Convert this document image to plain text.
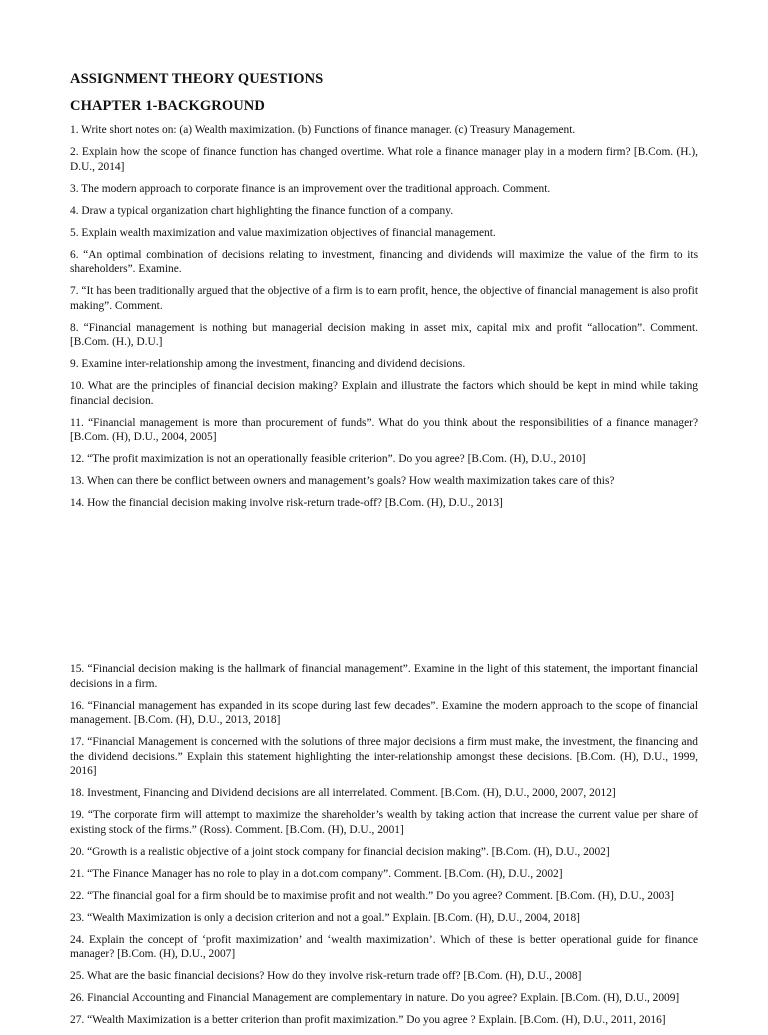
ASSIGNMENT THEORY QUESTIONS
CHAPTER 1-BACKGROUND

1. Write short notes on: (a) Wealth maximization. (b) Functions of finance manager. (c) Treasury Management.

2. Explain how the scope of finance function has changed overtime. What role a finance manager play in a modern firm? [B.Com. (H.), D.U., 2014]

3. The modern approach to corporate finance is an improvement over the traditional approach. Comment.

4. Draw a typical organization chart highlighting the finance function of a company.

5. Explain wealth maximization and value maximization objectives of financial management.

6. “An optimal combination of decisions relating to investment, financing and dividends will maximize the value of the firm to its shareholders”. Examine.

7. “It has been traditionally argued that the objective of a firm is to earn profit, hence, the objective of financial management is also profit making”. Comment.

8. “Financial management is nothing but managerial decision making in asset mix, capital mix and profit “allocation”. Comment. [B.Com. (H.), D.U.]

9. Examine inter-relationship among the investment, financing and dividend decisions.

10. What are the principles of financial decision making? Explain and illustrate the factors which should be kept in mind while taking financial decision.

11. “Financial management is more than procurement of funds”. What do you think about the responsibilities of a finance manager? [B.Com. (H), D.U., 2004, 2005]

12. “The profit maximization is not an operationally feasible criterion”. Do you agree? [B.Com. (H), D.U., 2010]

13. When can there be conflict between owners and management’s goals? How wealth maximization takes care of this?

14. How the financial decision making involve risk-return trade-off? [B.Com. (H), D.U., 2013]

15. “Financial decision making is the hallmark of financial management”. Examine in the light of this statement, the important financial decisions in a firm.

16. “Financial management has expanded in its scope during last few decades”. Examine the modern approach to the scope of financial management. [B.Com. (H), D.U., 2013, 2018]

17. “Financial Management is concerned with the solutions of three major decisions a firm must make, the investment, the financing and the dividend decisions.” Explain this statement highlighting the inter-relationship amongst these decisions. [B.Com. (H), D.U., 1999, 2016]

18. Investment, Financing and Dividend decisions are all interrelated. Comment. [B.Com. (H), D.U., 2000, 2007, 2012]

19. “The corporate firm will attempt to maximize the shareholder’s wealth by taking action that increase the current value per share of existing stock of the firms.” (Ross). Comment. [B.Com. (H), D.U., 2001]

20. “Growth is a realistic objective of a joint stock company for financial decision making”. [B.Com. (H), D.U., 2002]

21. “The Finance Manager has no role to play in a dot.com company”. Comment. [B.Com. (H), D.U., 2002]

22. “The financial goal for a firm should be to maximise profit and not wealth.” Do you agree? Comment. [B.Com. (H), D.U., 2003]

23. “Wealth Maximization is only a decision criterion and not a goal.” Explain. [B.Com. (H), D.U., 2004, 2018]

24. Explain the concept of ‘profit maximization’ and ‘wealth maximization’. Which of these is better operational guide for finance manager? [B.Com. (H), D.U., 2007]

25. What are the basic financial decisions? How do they involve risk-return trade off? [B.Com. (H), D.U., 2008]

26. Financial Accounting and Financial Management are complementary in nature. Do you agree? Explain. [B.Com. (H), D.U., 2009]

27. “Wealth Maximization is a better criterion than profit maximization.” Do you agree ? Explain. [B.Com. (H), D.U., 2011, 2016]
